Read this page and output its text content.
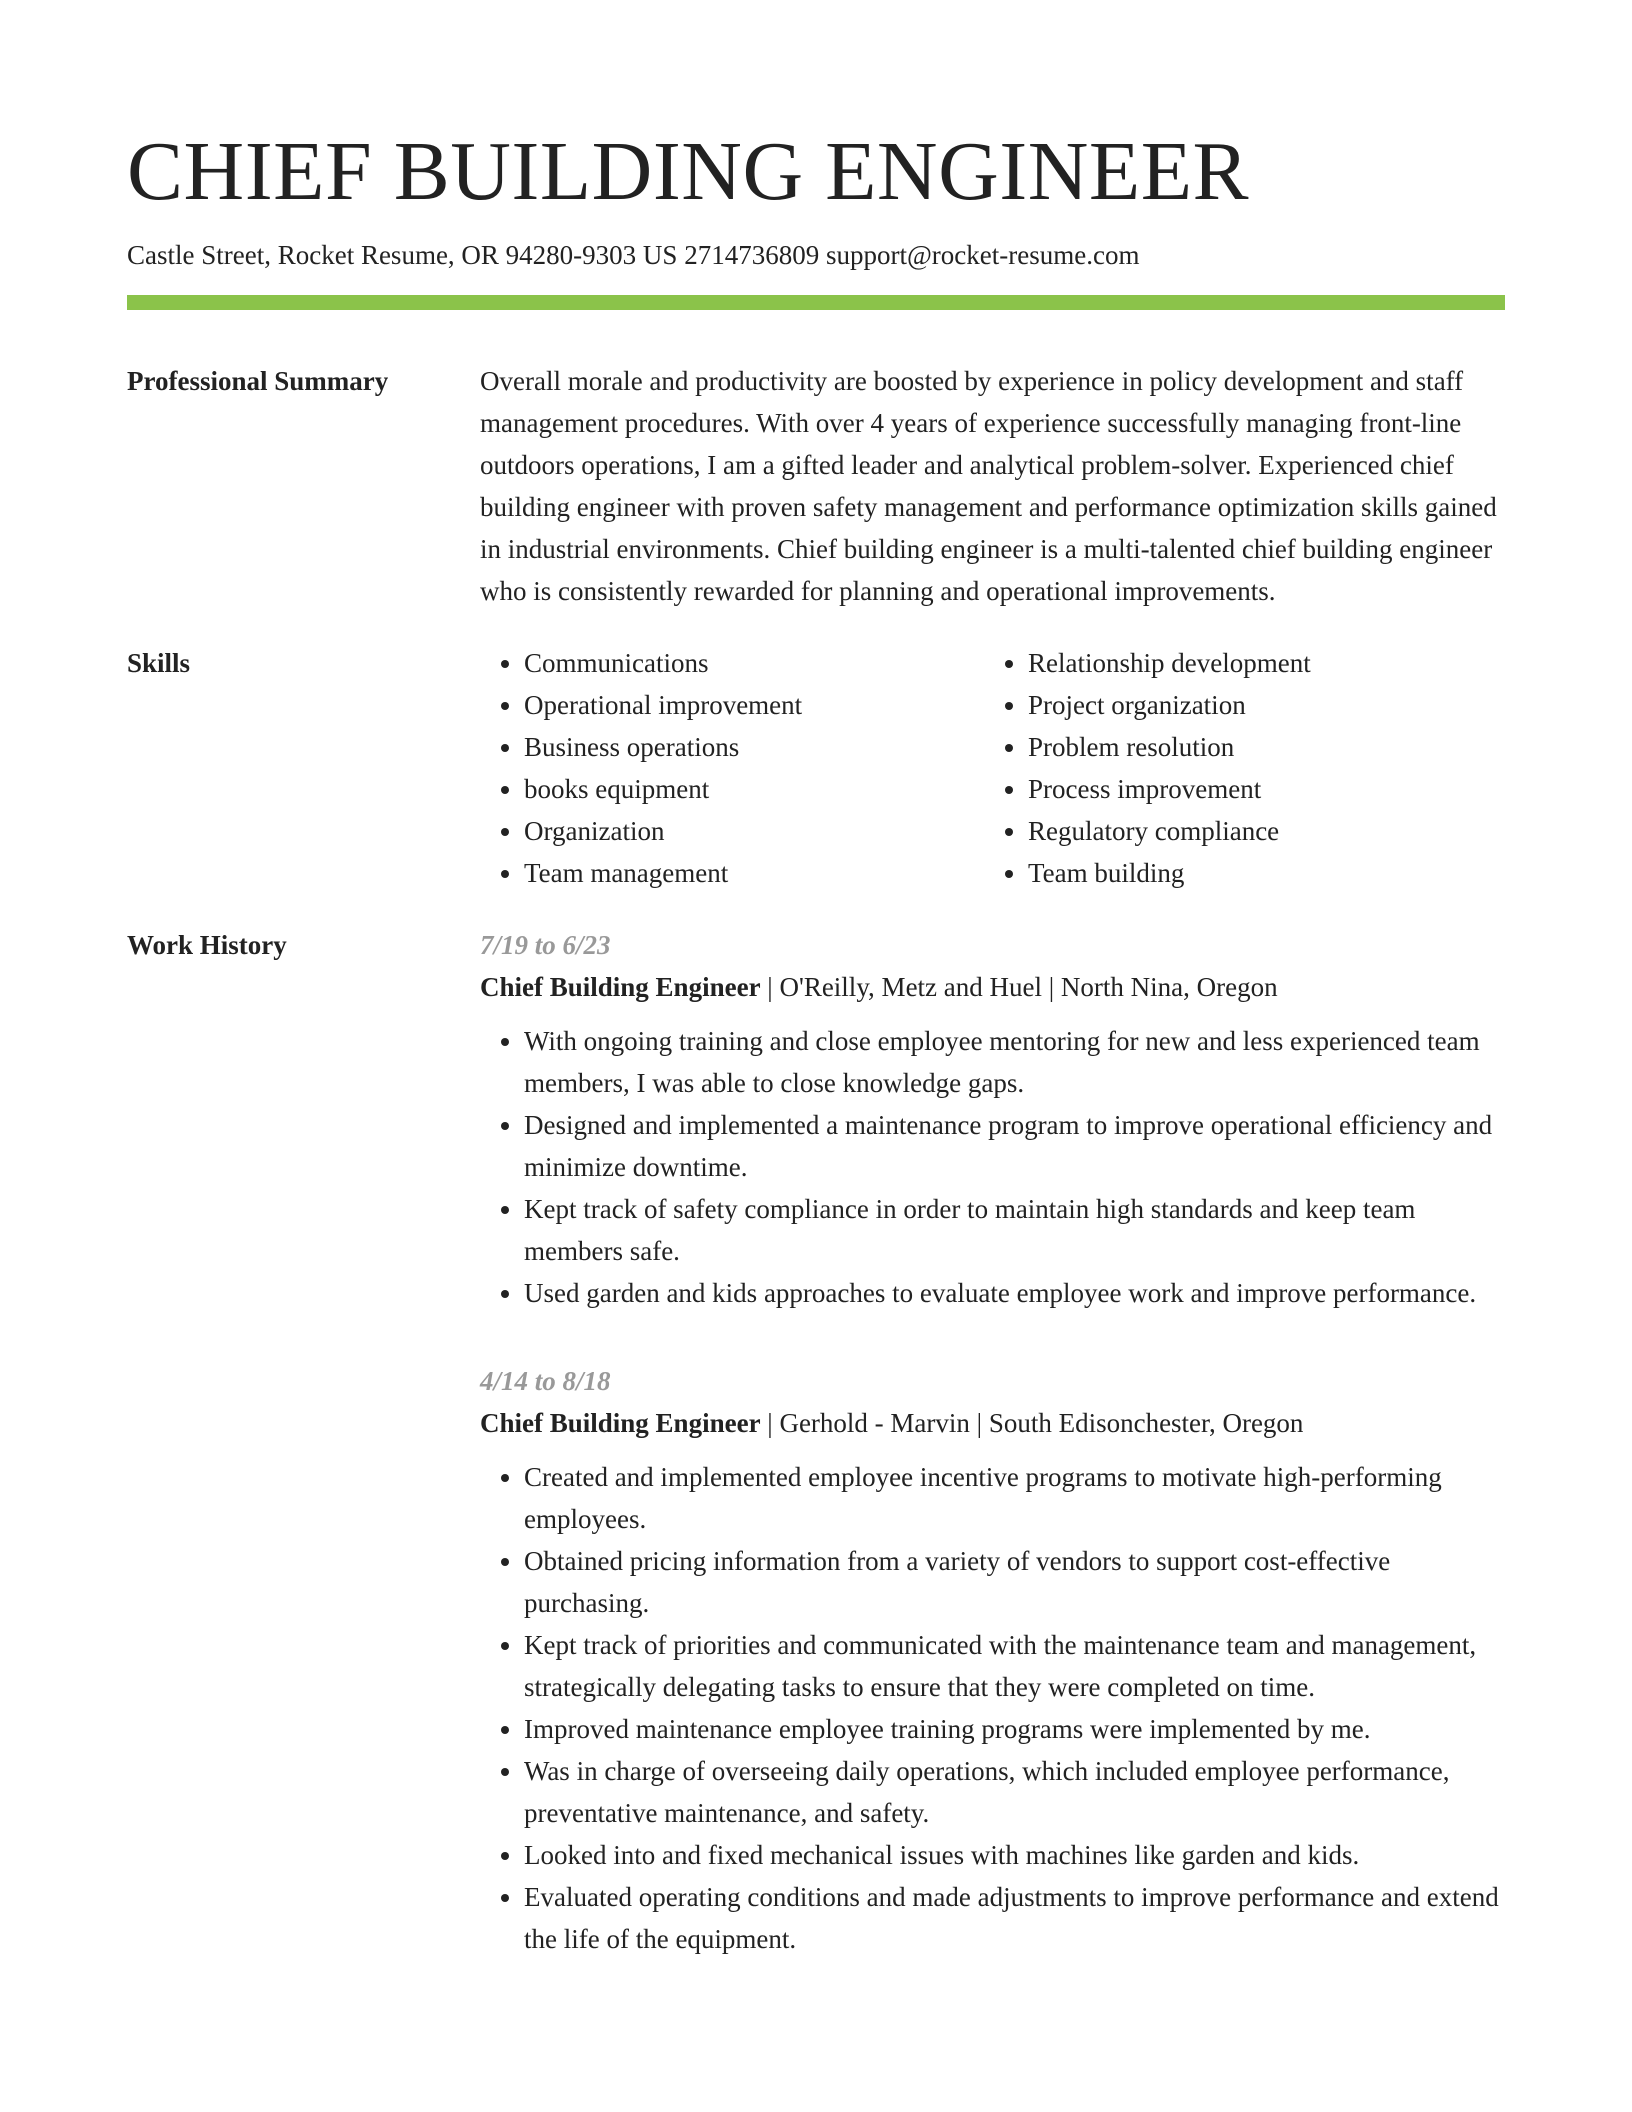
CHIEF BUILDING ENGINEER
Castle Street, Rocket Resume, OR 94280-9303 US 2714736809 support@rocket-resume.com
Professional Summary	Overall morale and productivity are boosted by experience in policy development and staff management procedures. With over 4 years of experience successfully managing front-line outdoors operations, I am a gifted leader and analytical problem-solver. Experienced chief building engineer with proven safety management and performance optimization skills gained in industrial environments. Chief building engineer is a multi-talented chief building engineer who is consistently rewarded for planning and operational improvements.

Skills
•	Communications
• Operational improvement
• Business operations
• books equipment
• Organization
• Team management
• Relationship development
• Project organization
• Problem resolution
• Process improvement
• Regulatory compliance
• Team building
Work History	7/19 to 6/23
Chief Building Engineer | O'Reilly, Metz and Huel | North Nina, Oregon
• With ongoing training and close employee mentoring for new and less experienced team members, I was able to close knowledge gaps.
• Designed and implemented a maintenance program to improve operational efficiency and minimize downtime.
• Kept track of safety compliance in order to maintain high standards and keep team members safe.
• Used garden and kids approaches to evaluate employee work and improve performance.
4/14 to 8/18
Chief Building Engineer | Gerhold - Marvin | South Edisonchester, Oregon
• Created and implemented employee incentive programs to motivate high-performing employees.
• Obtained pricing information from a variety of vendors to support cost-effective purchasing.
• Kept track of priorities and communicated with the maintenance team and management, strategically delegating tasks to ensure that they were completed on time.
• Improved maintenance employee training programs were implemented by me.
• Was in charge of overseeing daily operations, which included employee performance, preventative maintenance, and safety.
• Looked into and fixed mechanical issues with machines like garden and kids.
• Evaluated operating conditions and made adjustments to improve performance and extend the life of the equipment.
